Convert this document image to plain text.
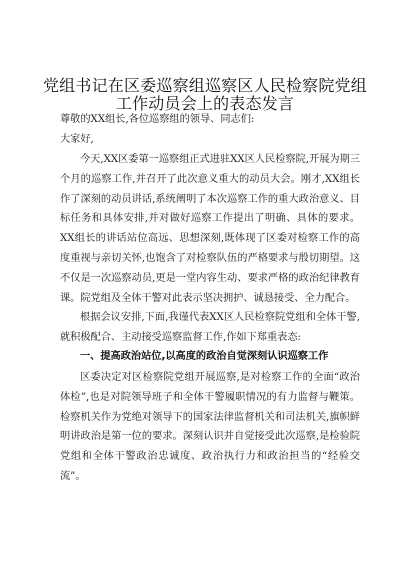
党组书记在区委巡察组巡察区人民检察院党组工作动员会上的表态发言
尊敬的XX组长,各位巡察组的领导、同志们:
大家好,
今天,XX区委第一巡察组正式进驻XX区人民检察院,开展为期三个月的巡察工作,并召开了此次意义重大的动员大会。刚才,XX组长作了深刻的动员讲话,系统阐明了本次巡察工作的重大政治意义、目标任务和具体安排,并对做好巡察工作提出了明确、具体的要求。XX组长的讲话站位高远、思想深刻,既体现了区委对检察工作的高度重视与亲切关怀,也饱含了对检察队伍的严格要求与殷切期望。这不仅是一次巡察动员,更是一堂内容生动、要求严格的政治纪律教育课。院党组及全体干警对此表示坚决拥护、诚恳接受、全力配合。
根据会议安排,下面,我谨代表XX区人民检察院党组和全体干警,就积极配合、主动接受巡察监督工作,作如下郑重表态:
一、提高政治站位,以高度的政治自觉深刻认识巡察工作
区委决定对区检察院党组开展巡察,是对检察工作的全面“政治体检”,也是对院领导班子和全体干警履职情况的有力监督与鞭策。检察机关作为党绝对领导下的国家法律监督机关和司法机关,旗帜鲜明讲政治是第一位的要求。深刻认识并自觉接受此次巡察,是检验院党组和全体干警政治忠诚度、政治执行力和政治担当的“经验交流”。
